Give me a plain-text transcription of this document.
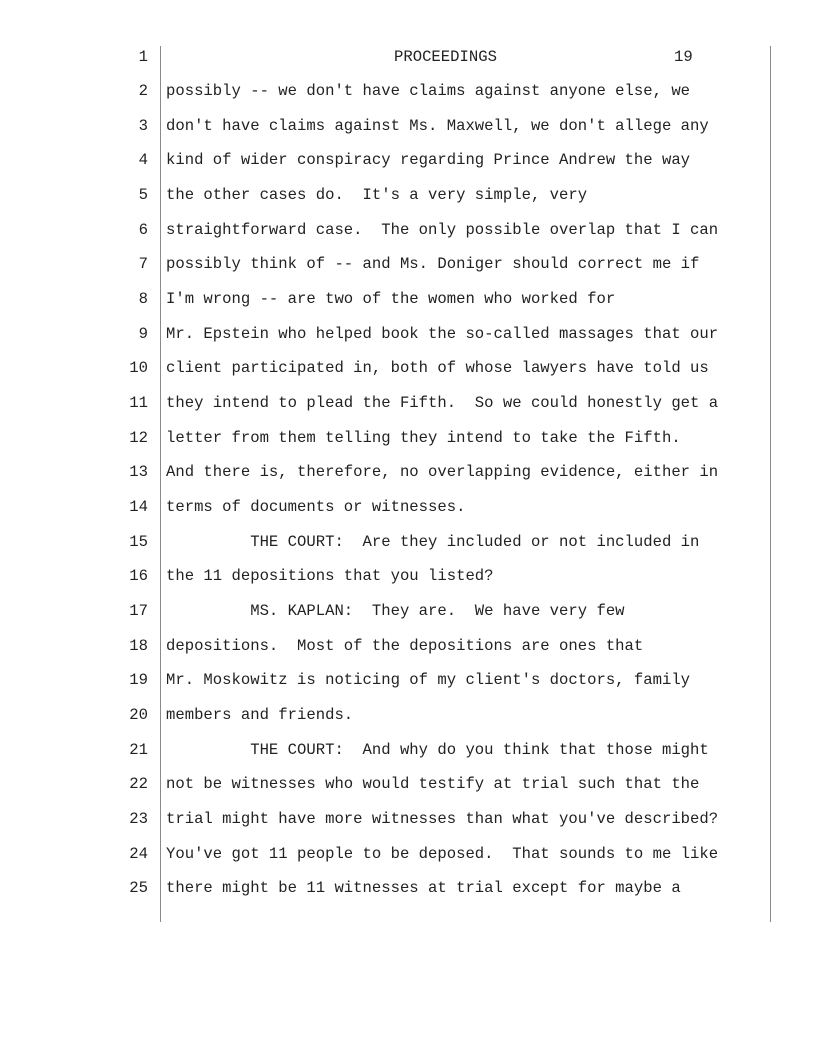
1

	PROCEEDINGS

	19

2

possibly -- we don't have claims against anyone else, we

3

don't have claims against Ms. Maxwell, we don't allege any

4

kind of wider conspiracy regarding Prince Andrew the way

5

the other cases do.  It's a very simple, very

6

straightforward case.  The only possible overlap that I can

7

possibly think of -- and Ms. Doniger should correct me if

8

I'm wrong -- are two of the women who worked for

9

Mr. Epstein who helped book the so-called massages that our

10

client participated in, both of whose lawyers have told us

11

they intend to plead the Fifth.  So we could honestly get a

12

letter from them telling they intend to take the Fifth.

13

And there is, therefore, no overlapping evidence, either in

14

terms of documents or witnesses.

15

THE COURT:  Are they included or not included in

16

the 11 depositions that you listed?

17

MS. KAPLAN:  They are.  We have very few

18

depositions.  Most of the depositions are ones that

19

Mr. Moskowitz is noticing of my client's doctors, family

20

members and friends.

21

THE COURT:  And why do you think that those might

22

not be witnesses who would testify at trial such that the

23

trial might have more witnesses than what you've described?

24

You've got 11 people to be deposed.  That sounds to me like

25

there might be 11 witnesses at trial except for maybe a
